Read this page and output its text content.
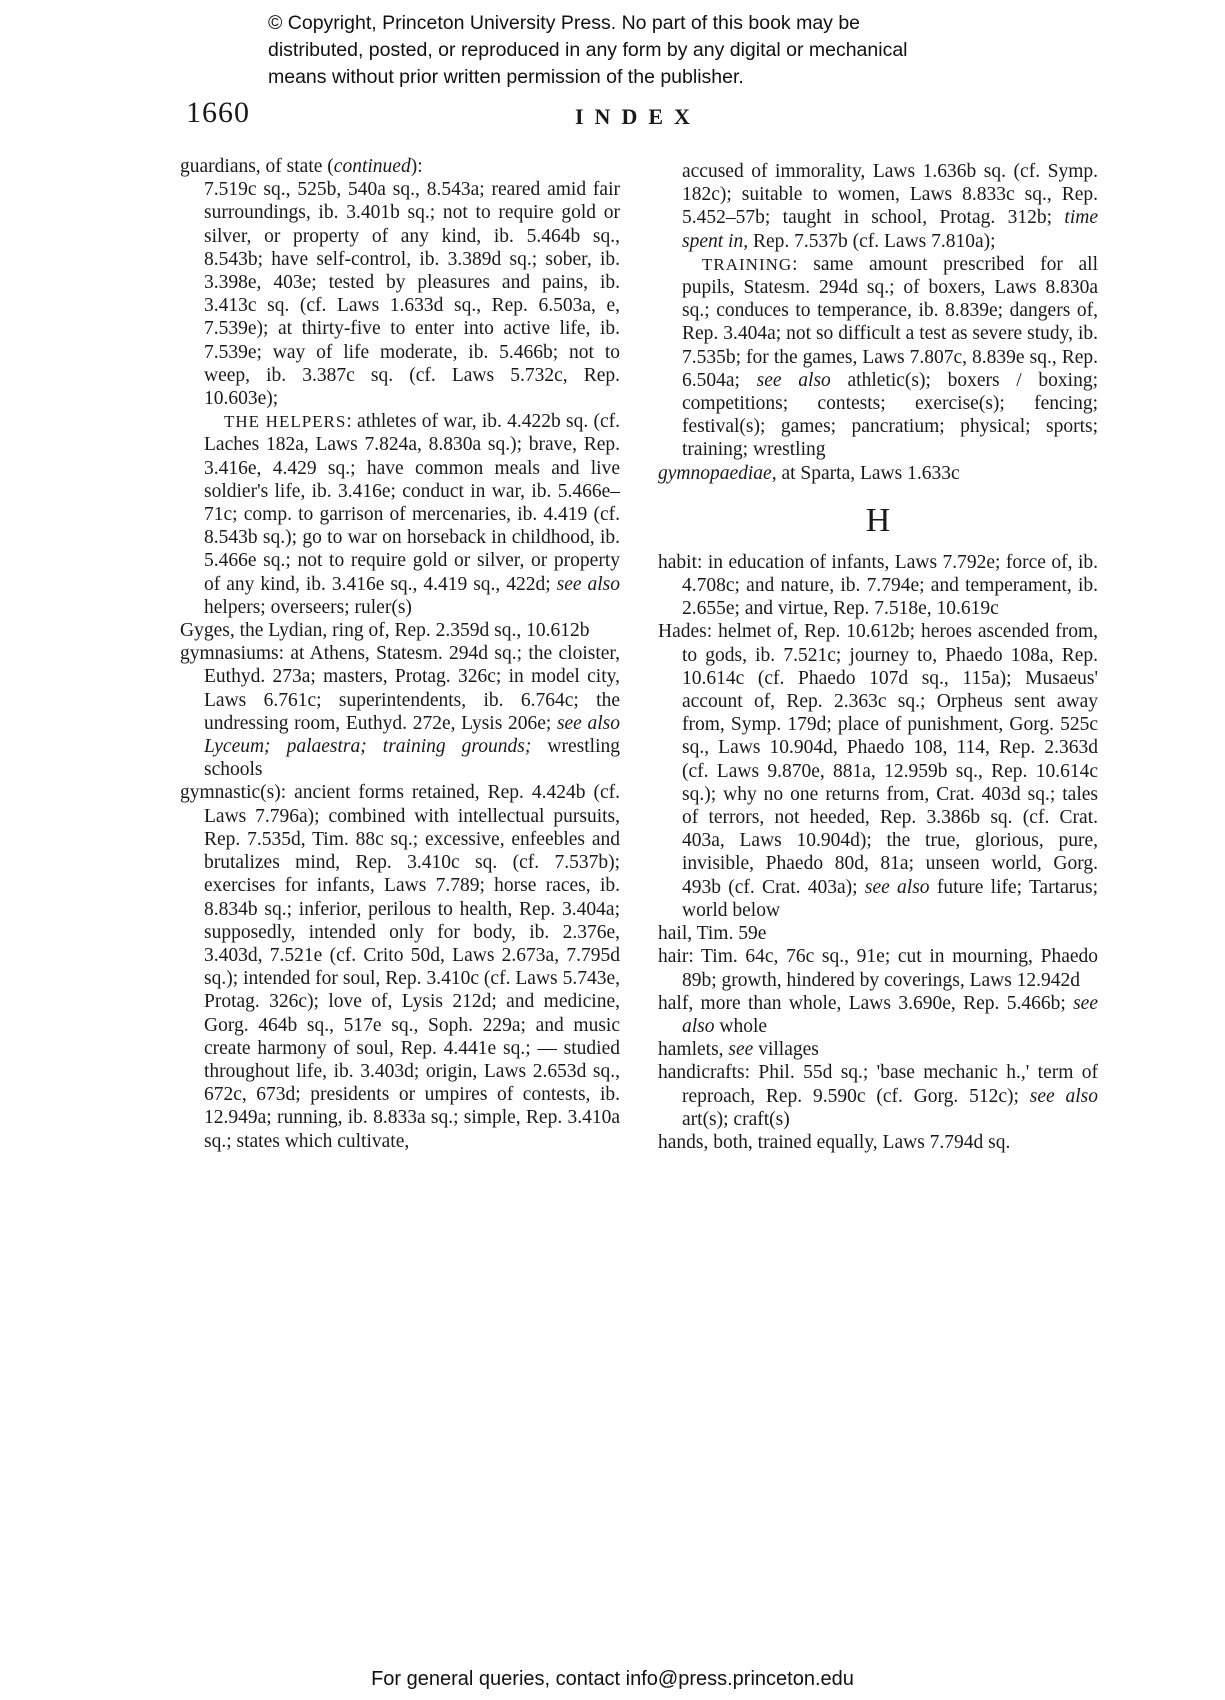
© Copyright, Princeton University Press. No part of this book may be
distributed, posted, or reproduced in any form by any digital or mechanical
means without prior written permission of the publisher.
1660	INDEX
guardians, of state (continued):
7.519c sq., 525b, 540a sq., 8.543a; reared amid fair surroundings, ib. 3.401b sq.; not to require gold or silver, or property of any kind, ib. 5.464b sq., 8.543b; have self-control, ib. 3.389d sq.; sober, ib. 3.398e, 403e; tested by pleasures and pains, ib. 3.413c sq. (cf. Laws 1.633d sq., Rep. 6.503a, e, 7.539e); at thirty-five to enter into active life, ib. 7.539e; way of life moderate, ib. 5.466b; not to weep, ib. 3.387c sq. (cf. Laws 5.732c, Rep. 10.603e);
THE HELPERS: athletes of war, ib. 4.422b sq. (cf. Laches 182a, Laws 7.824a, 8.830a sq.); brave, Rep. 3.416e, 4.429 sq.; have common meals and live soldier's life, ib. 3.416e; conduct in war, ib. 5.466e–71c; comp. to garrison of mercenaries, ib. 4.419 (cf. 8.543b sq.); go to war on horseback in childhood, ib. 5.466e sq.; not to require gold or silver, or property of any kind, ib. 3.416e sq., 4.419 sq., 422d; see also helpers; overseers; ruler(s)
Gyges, the Lydian, ring of, Rep. 2.359d sq., 10.612b
gymnasiums: at Athens, Statesm. 294d sq.; the cloister, Euthyd. 273a; masters, Protag. 326c; in model city, Laws 6.761c; superintendents, ib. 6.764c; the undressing room, Euthyd. 272e, Lysis 206e; see also Lyceum; palaestra; training grounds; wrestling schools
gymnastic(s): ancient forms retained, Rep. 4.424b (cf. Laws 7.796a); combined with intellectual pursuits, Rep. 7.535d, Tim. 88c sq.; excessive, enfeebles and brutalizes mind, Rep. 3.410c sq. (cf. 7.537b); exercises for infants, Laws 7.789; horse races, ib. 8.834b sq.; inferior, perilous to health, Rep. 3.404a; supposedly, intended only for body, ib. 2.376e, 3.403d, 7.521e (cf. Crito 50d, Laws 2.673a, 7.795d sq.); intended for soul, Rep. 3.410c (cf. Laws 5.743e, Protag. 326c); love of, Lysis 212d; and medicine, Gorg. 464b sq., 517e sq., Soph. 229a; and music create harmony of soul, Rep. 4.441e sq.; — studied throughout life, ib. 3.403d; origin, Laws 2.653d sq., 672c, 673d; presidents or umpires of contests, ib. 12.949a; running, ib. 8.833a sq.; simple, Rep. 3.410a sq.; states which cultivate,
accused of immorality, Laws 1.636b sq. (cf. Symp. 182c); suitable to women, Laws 8.833c sq., Rep. 5.452–57b; taught in school, Protag. 312b; time spent in, Rep. 7.537b (cf. Laws 7.810a);
TRAINING: same amount prescribed for all pupils, Statesm. 294d sq.; of boxers, Laws 8.830a sq.; conduces to temperance, ib. 8.839e; dangers of, Rep. 3.404a; not so difficult a test as severe study, ib. 7.535b; for the games, Laws 7.807c, 8.839e sq., Rep. 6.504a; see also athletic(s); boxers / boxing; competitions; contests; exercise(s); fencing; festival(s); games; pancratium; physical; sports; training; wrestling
gymnopaediae, at Sparta, Laws 1.633c
H
habit: in education of infants, Laws 7.792e; force of, ib. 4.708c; and nature, ib. 7.794e; and temperament, ib. 2.655e; and virtue, Rep. 7.518e, 10.619c
Hades: helmet of, Rep. 10.612b; heroes ascended from, to gods, ib. 7.521c; journey to, Phaedo 108a, Rep. 10.614c (cf. Phaedo 107d sq., 115a); Musaeus' account of, Rep. 2.363c sq.; Orpheus sent away from, Symp. 179d; place of punishment, Gorg. 525c sq., Laws 10.904d, Phaedo 108, 114, Rep. 2.363d (cf. Laws 9.870e, 881a, 12.959b sq., Rep. 10.614c sq.); why no one returns from, Crat. 403d sq.; tales of terrors, not heeded, Rep. 3.386b sq. (cf. Crat. 403a, Laws 10.904d); the true, glorious, pure, invisible, Phaedo 80d, 81a; unseen world, Gorg. 493b (cf. Crat. 403a); see also future life; Tartarus; world below
hail, Tim. 59e
hair: Tim. 64c, 76c sq., 91e; cut in mourning, Phaedo 89b; growth, hindered by coverings, Laws 12.942d
half, more than whole, Laws 3.690e, Rep. 5.466b; see also whole
hamlets, see villages
handicrafts: Phil. 55d sq.; 'base mechanic h.,' term of reproach, Rep. 9.590c (cf. Gorg. 512c); see also art(s); craft(s)
hands, both, trained equally, Laws 7.794d sq.
For general queries, contact info@press.princeton.edu
